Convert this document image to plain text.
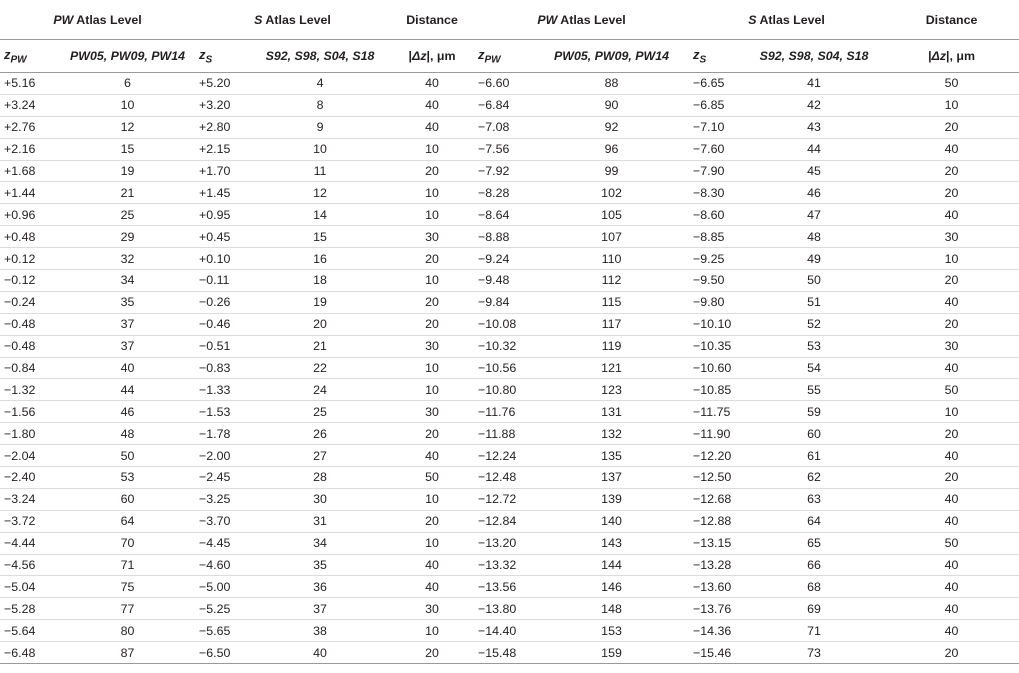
PW Atlas Level		S Atlas Level		Distance	PW Atlas Level		S Atlas Level		Distance
$z_{PW}$	PW05, PW09, PW14	$z_S$	S92, S98, S04, S18	|Δz|, μm	$z_{PW}$	PW05, PW09, PW14	$z_S$	S92, S98, S04, S18	|Δz|, μm
+5.16	6	+5.20	4	40	−6.60	88	−6.65	41	50
+3.24	10	+3.20	8	40	−6.84	90	−6.85	42	10
+2.76	12	+2.80	9	40	−7.08	92	−7.10	43	20
+2.16	15	+2.15	10	10	−7.56	96	−7.60	44	40
+1.68	19	+1.70	11	20	−7.92	99	−7.90	45	20
+1.44	21	+1.45	12	10	−8.28	102	−8.30	46	20
+0.96	25	+0.95	14	10	−8.64	105	−8.60	47	40
+0.48	29	+0.45	15	30	−8.88	107	−8.85	48	30
+0.12	32	+0.10	16	20	−9.24	110	−9.25	49	10
−0.12	34	−0.11	18	10	−9.48	112	−9.50	50	20
−0.24	35	−0.26	19	20	−9.84	115	−9.80	51	40
−0.48	37	−0.46	20	20	−10.08	117	−10.10	52	20
−0.48	37	−0.51	21	30	−10.32	119	−10.35	53	30
−0.84	40	−0.83	22	10	−10.56	121	−10.60	54	40
−1.32	44	−1.33	24	10	−10.80	123	−10.85	55	50
−1.56	46	−1.53	25	30	−11.76	131	−11.75	59	10
−1.80	48	−1.78	26	20	−11.88	132	−11.90	60	20
−2.04	50	−2.00	27	40	−12.24	135	−12.20	61	40
−2.40	53	−2.45	28	50	−12.48	137	−12.50	62	20
−3.24	60	−3.25	30	10	−12.72	139	−12.68	63	40
−3.72	64	−3.70	31	20	−12.84	140	−12.88	64	40
−4.44	70	−4.45	34	10	−13.20	143	−13.15	65	50
−4.56	71	−4.60	35	40	−13.32	144	−13.28	66	40
−5.04	75	−5.00	36	40	−13.56	146	−13.60	68	40
−5.28	77	−5.25	37	30	−13.80	148	−13.76	69	40
−5.64	80	−5.65	38	10	−14.40	153	−14.36	71	40
−6.48	87	−6.50	40	20	−15.48	159	−15.46	73	20
